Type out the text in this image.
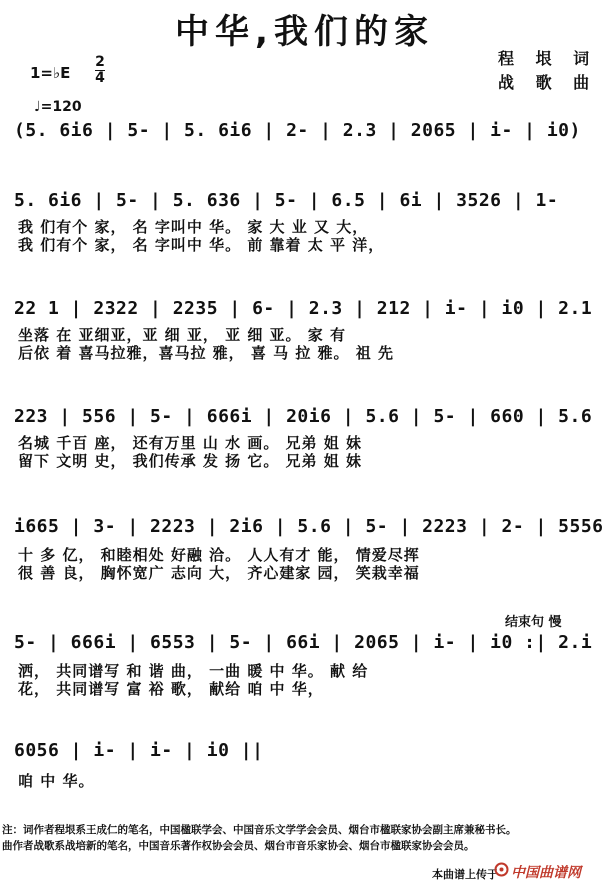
中华,我们的家
程 垠 词
战 歌 曲
1=♭E
2
4
♩=120
(5. 6i6 | 5- | 5. 6i6 | 2- | 2.3 | 2065 | i- | i0)
5. 6i6 | 5- | 5. 636 | 5- | 6.5 | 6i | 3526 | 1-
我 们有个 家， 名 字叫中 华。 家 大 业 又 大，
我 们有个 家， 名 字叫中 华。 前 靠着 太 平 洋，
22 1 | 2322 | 2235 | 6- | 2.3 | 212 | i- | i0 | 2.1
坐落 在 亚细亚，亚 细 亚， 亚 细 亚。 家 有
后依 着 喜马拉雅，喜马拉 雅， 喜 马 拉 雅。 祖 先
223 | 556 | 5- | 666i | 20i6 | 5.6 | 5- | 660 | 5.6
名城 千百 座， 还有万里 山 水 画。 兄弟 姐 妹
留下 文明 史， 我们传承 发 扬 它。 兄弟 姐 妹
i665 | 3- | 2223 | 2i6 | 5.6 | 5- | 2223 | 2- | 5556
十 多 亿， 和睦相处 好融 洽。 人人有才 能， 情爱尽挥
很 善 良， 胸怀宽广 志向 大， 齐心建家 园， 笑栽幸福
结束句 慢
5- | 666i | 6553 | 5- | 66i | 2065 | i- | i0 :| 2.i
洒， 共同谱写 和 谐 曲， 一曲 暖 中 华。 献 给
花， 共同谱写 富 裕 歌， 献给 咱 中 华，
6056 | i- | i- | i0 ||
咱 中 华。
注：词作者程垠系王成仁的笔名，中国楹联学会、中国音乐文学学会会员、烟台市楹联家协会副主席兼秘书长。
曲作者战歌系战培新的笔名，中国音乐著作权协会会员、烟台市音乐家协会、烟台市楹联家协会会员。
本曲谱上传于 中国曲谱网
